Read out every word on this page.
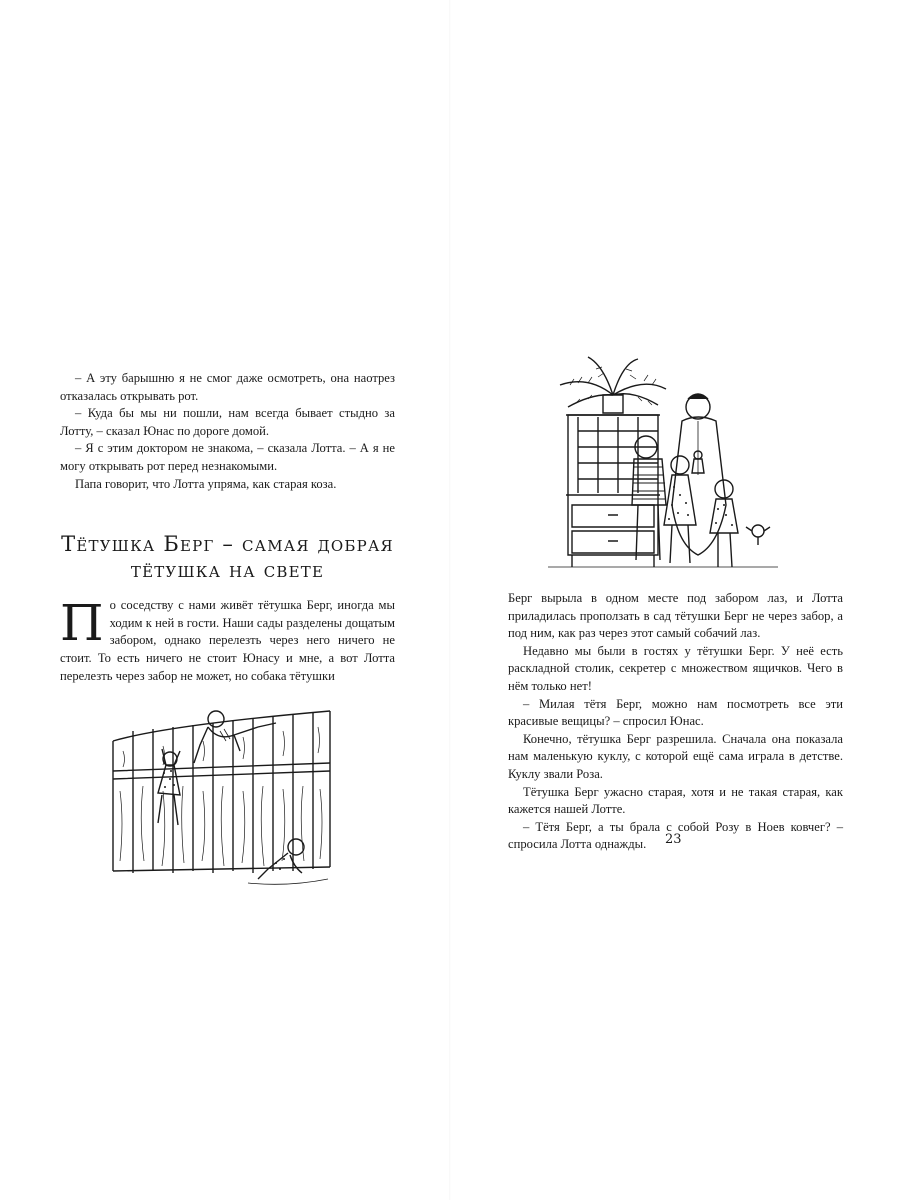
– А эту барышню я не смог даже осмотреть, она наотрез отказалась открывать рот.

– Куда бы мы ни пошли, нам всегда бывает стыдно за Лотту, – сказал Юнас по дороге домой.

– Я с этим доктором не знакома, – сказала Лотта. – А я не могу открывать рот перед незнакомыми.

Папа говорит, что Лотта упряма, как старая коза.

Тётушка Берг – самая добрая
тётушка на свете
П о соседству с нами живёт тётушка Берг, иногда мы ходим к ней в гости. Наши сады разделены дощатым забором, однако перелезть через него ничего не стоит. То есть ничего не стоит Юнасу и мне, а вот Лотта перелезть через забор не может, но собака тётушки

Берг вырыла в одном месте под забором лаз, и Лотта приладилась проползать в сад тётушки Берг не через забор, а под ним, как раз через этот самый собачий лаз.

Недавно мы были в гостях у тётушки Берг. У неё есть раскладной столик, секретер с множеством ящичков. Чего в нём только нет!

– Милая тётя Берг, можно нам посмотреть все эти красивые вещицы? – спросил Юнас.

Конечно, тётушка Берг разрешила. Сначала она показала нам маленькую куклу, с которой ещё сама играла в детстве. Куклу звали Роза.

Тётушка Берг ужасно старая, хотя и не такая старая, как кажется нашей Лотте.

– Тётя Берг, а ты брала с собой Розу в Ноев ковчег? – спросила Лотта однажды.	23
